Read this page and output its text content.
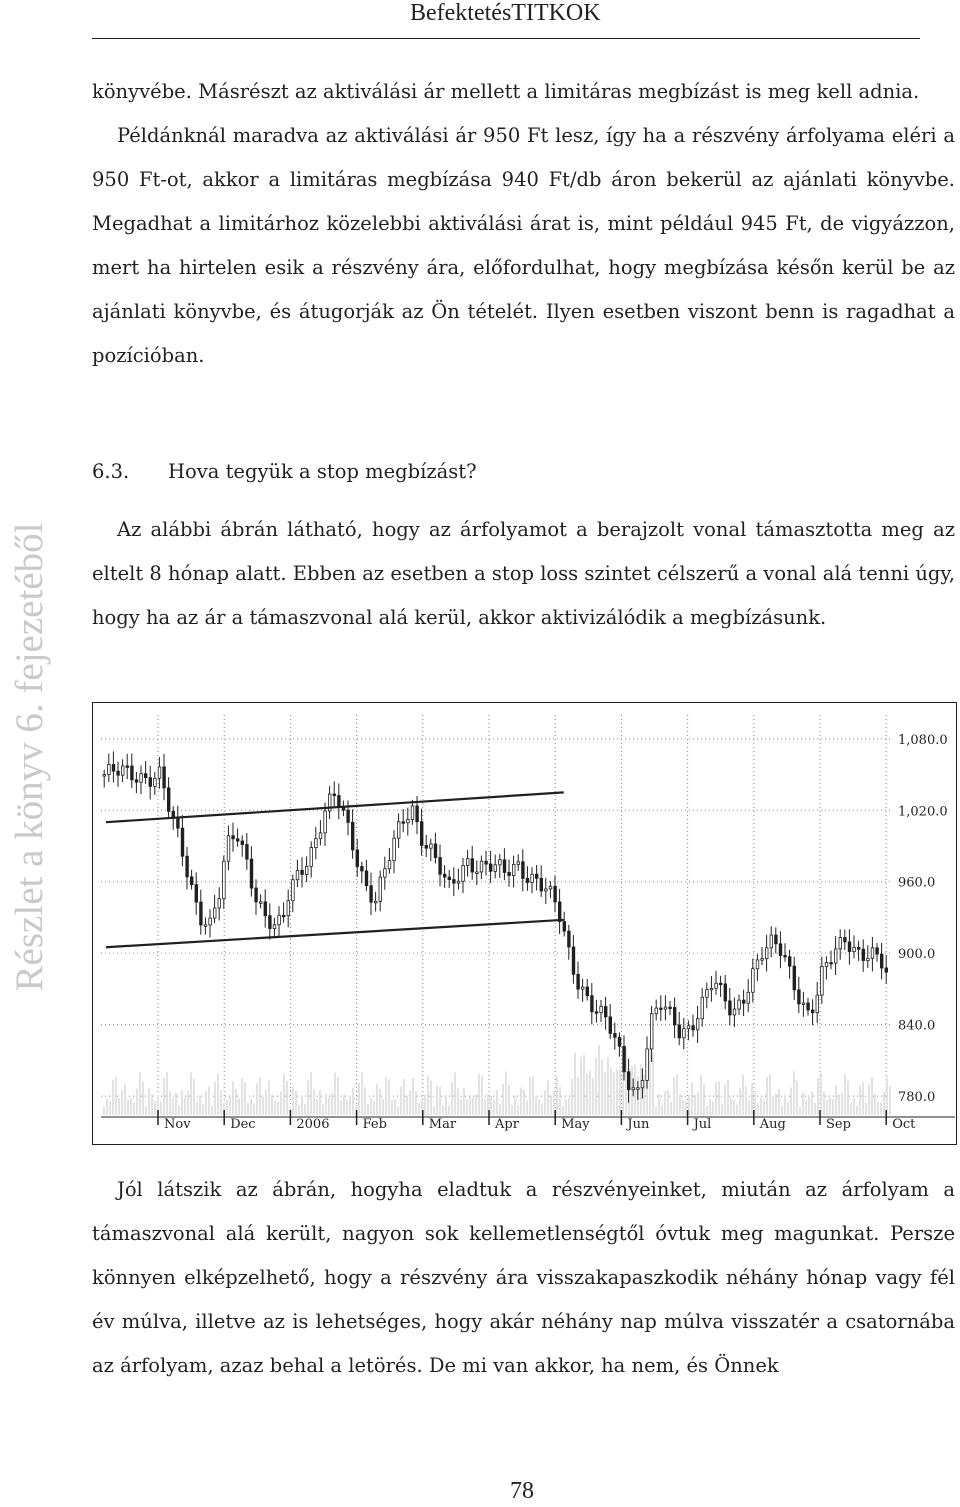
BefektetésTITKOK
Részlet a könyv 6. fejezetéből

könyvébe. Másrészt az aktiválási ár mellett a limitáras megbízást is meg kell adnia.

Példánknál maradva az aktiválási ár 950 Ft lesz, így ha a részvény árfolyama eléri a 950 Ft-ot, akkor a limitáras megbízása 940 Ft/db áron bekerül az ajánlati könyvbe. Megadhat a limitárhoz közelebbi aktiválási árat is, mint például 945 Ft, de vigyázzon, mert ha hirtelen esik a részvény ára, előfordulhat, hogy megbízása későn kerül be az ajánlati könyvbe, és átugorják az Ön tételét. Ilyen esetben viszont benn is ragadhat a pozícióban.

6.3. Hova tegyük a stop megbízást?

Az alábbi ábrán látható, hogy az árfolyamot a berajzolt vonal támasztotta meg az eltelt 8 hónap alatt. Ebben az esetben a stop loss szintet célszerű a vonal alá tenni úgy, hogy ha az ár a támaszvonal alá kerül, akkor aktivizálódik a megbízásunk.

1,080.0
1,020.0
960.0
900.0
840.0
780.0
Nov	Dec	2006	Feb	Mar	Apr	May	Jun	Jul	Aug	Sep	Oct

Jól látszik az ábrán, hogyha eladtuk a részvényeinket, miután az árfolyam a támaszvonal alá került, nagyon sok kellemetlenségtől óvtuk meg magunkat. Persze könnyen elképzelhető, hogy a részvény ára visszakapaszkodik néhány hónap vagy fél év múlva, illetve az is lehetséges, hogy akár néhány nap múlva visszatér a csatornába az árfolyam, azaz behal a letörés. De mi van akkor, ha nem, és Önnek

78
